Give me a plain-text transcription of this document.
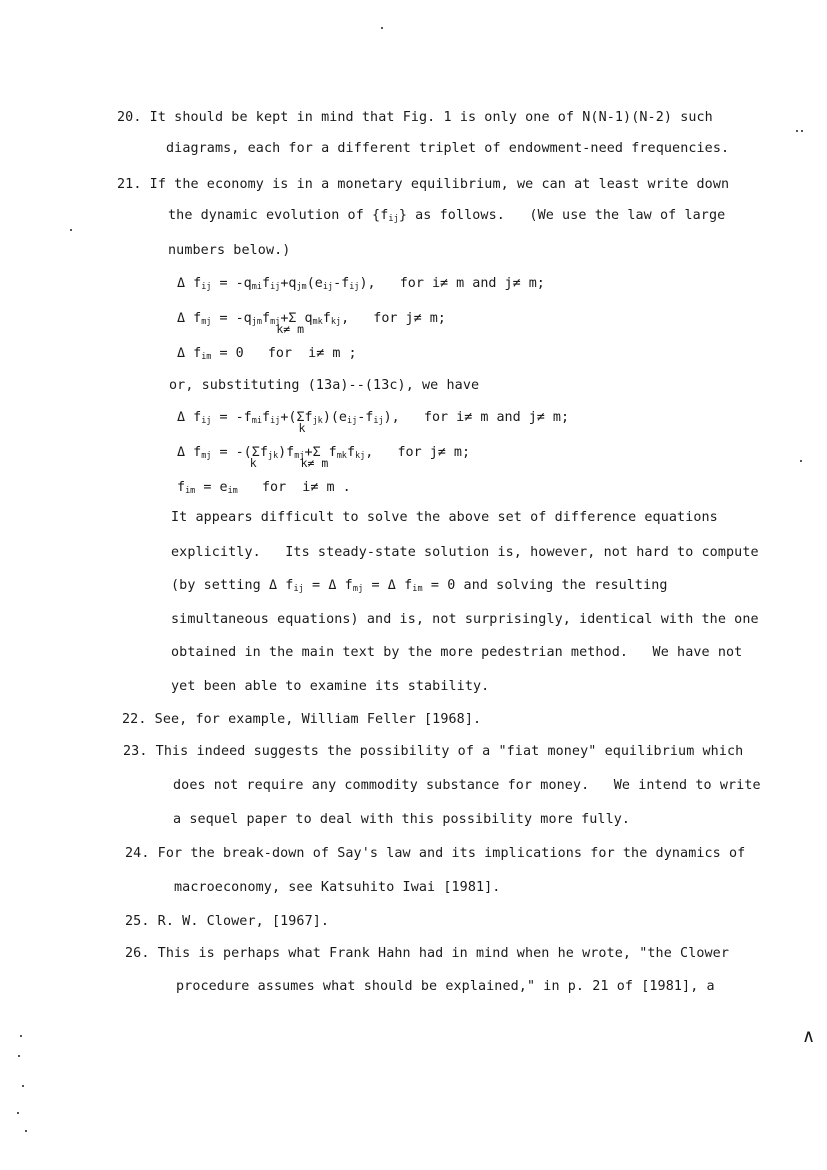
20. It should be kept in mind that Fig. 1 is only one of N(N-1)(N-2) such
diagrams, each for a different triplet of endowment-need frequencies.
21. If the economy is in a monetary equilibrium, we can at least write down
the dynamic evolution of $\{f_{ij}\}$ as follows.   (We use the law of large
numbers below.)
Δ $f_{ij} = -q_{mi}f_{ij}+q_{jm}(e_{ij}-f_{ij})$,   for i≠ m and j≠ m;
Δ $f_{mj} = -q_{jm}f_{mj}+\Sigma$
k≠ m
$q_{mk}f_{kj}$,   for j≠ m;
Δ $f_{im} = 0$   for  i≠ m ;
or, substituting (13a)--(13c), we have
Δ $f_{ij} = -f_{mi}f_{ij}+(\Sigma$
k
$f_{jk})(e_{ij}-f_{ij})$,   for i≠ m and j≠ m;
Δ $f_{mj} = -(\Sigma$
k
$f_{jk})f_{mj}+\Sigma$
k≠ m
$f_{mk}f_{kj}$,   for j≠ m;
$f_{im} = e_{im}$   for  i≠ m .
It appears difficult to solve the above set of difference equations
explicitly.   Its steady-state solution is, however, not hard to compute
(by setting Δ $f_{ij} = \Delta$ $f_{mj} = \Delta$ $f_{im} = 0$ and solving the resulting
simultaneous equations) and is, not surprisingly, identical with the one
obtained in the main text by the more pedestrian method.   We have not
yet been able to examine its stability.
22. See, for example, William Feller [1968].
23. This indeed suggests the possibility of a "fiat money" equilibrium which
does not require any commodity substance for money.   We intend to write
a sequel paper to deal with this possibility more fully.
24. For the break-down of Say's law and its implications for the dynamics of
macroeconomy, see Katsuhito Iwai [1981].
25. R. W. Clower, [1967].
26. This is perhaps what Frank Hahn had in mind when he wrote, "the Clower
procedure assumes what should be explained," in p. 21 of [1981], a
∧
